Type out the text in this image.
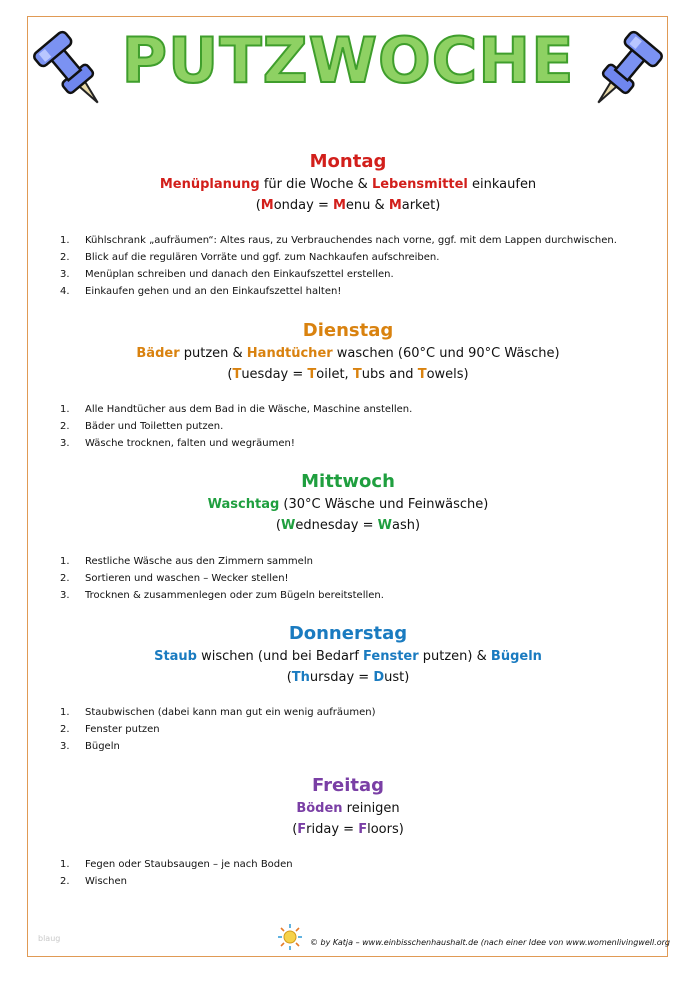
PUTZWOCHE
Montag
Menüplanung für die Woche & Lebensmittel einkaufen
(Monday = Menu & Market)
1. Kühlschrank „aufräumen“: Altes raus, zu Verbrauchendes nach vorne, ggf. mit dem Lappen durchwischen.
2. Blick auf die regulären Vorräte und ggf. zum Nachkaufen aufschreiben.
3. Menüplan schreiben und danach den Einkaufszettel erstellen.
4. Einkaufen gehen und an den Einkaufszettel halten!
Dienstag
Bäder putzen & Handtücher waschen (60°C und 90°C Wäsche)
(Tuesday = Toilet, Tubs and Towels)
1. Alle Handtücher aus dem Bad in die Wäsche, Maschine anstellen.
2. Bäder und Toiletten putzen.
3. Wäsche trocknen, falten und wegräumen!
Mittwoch
Waschtag (30°C Wäsche und Feinwäsche)
(Wednesday = Wash)
1. Restliche Wäsche aus den Zimmern sammeln
2. Sortieren und waschen – Wecker stellen!
3. Trocknen & zusammenlegen oder zum Bügeln bereitstellen.
Donnerstag
Staub wischen (und bei Bedarf Fenster putzen) & Bügeln
(Thursday = Dust)
1. Staubwischen (dabei kann man gut ein wenig aufräumen)
2. Fenster putzen
3. Bügeln
Freitag
Böden reinigen
(Friday = Floors)
1. Fegen oder Staubsaugen – je nach Boden
2. Wischen
blaug	© by Katja – www.einbisschenhaushalt.de (nach einer Idee von www.womenlivingwell.org
